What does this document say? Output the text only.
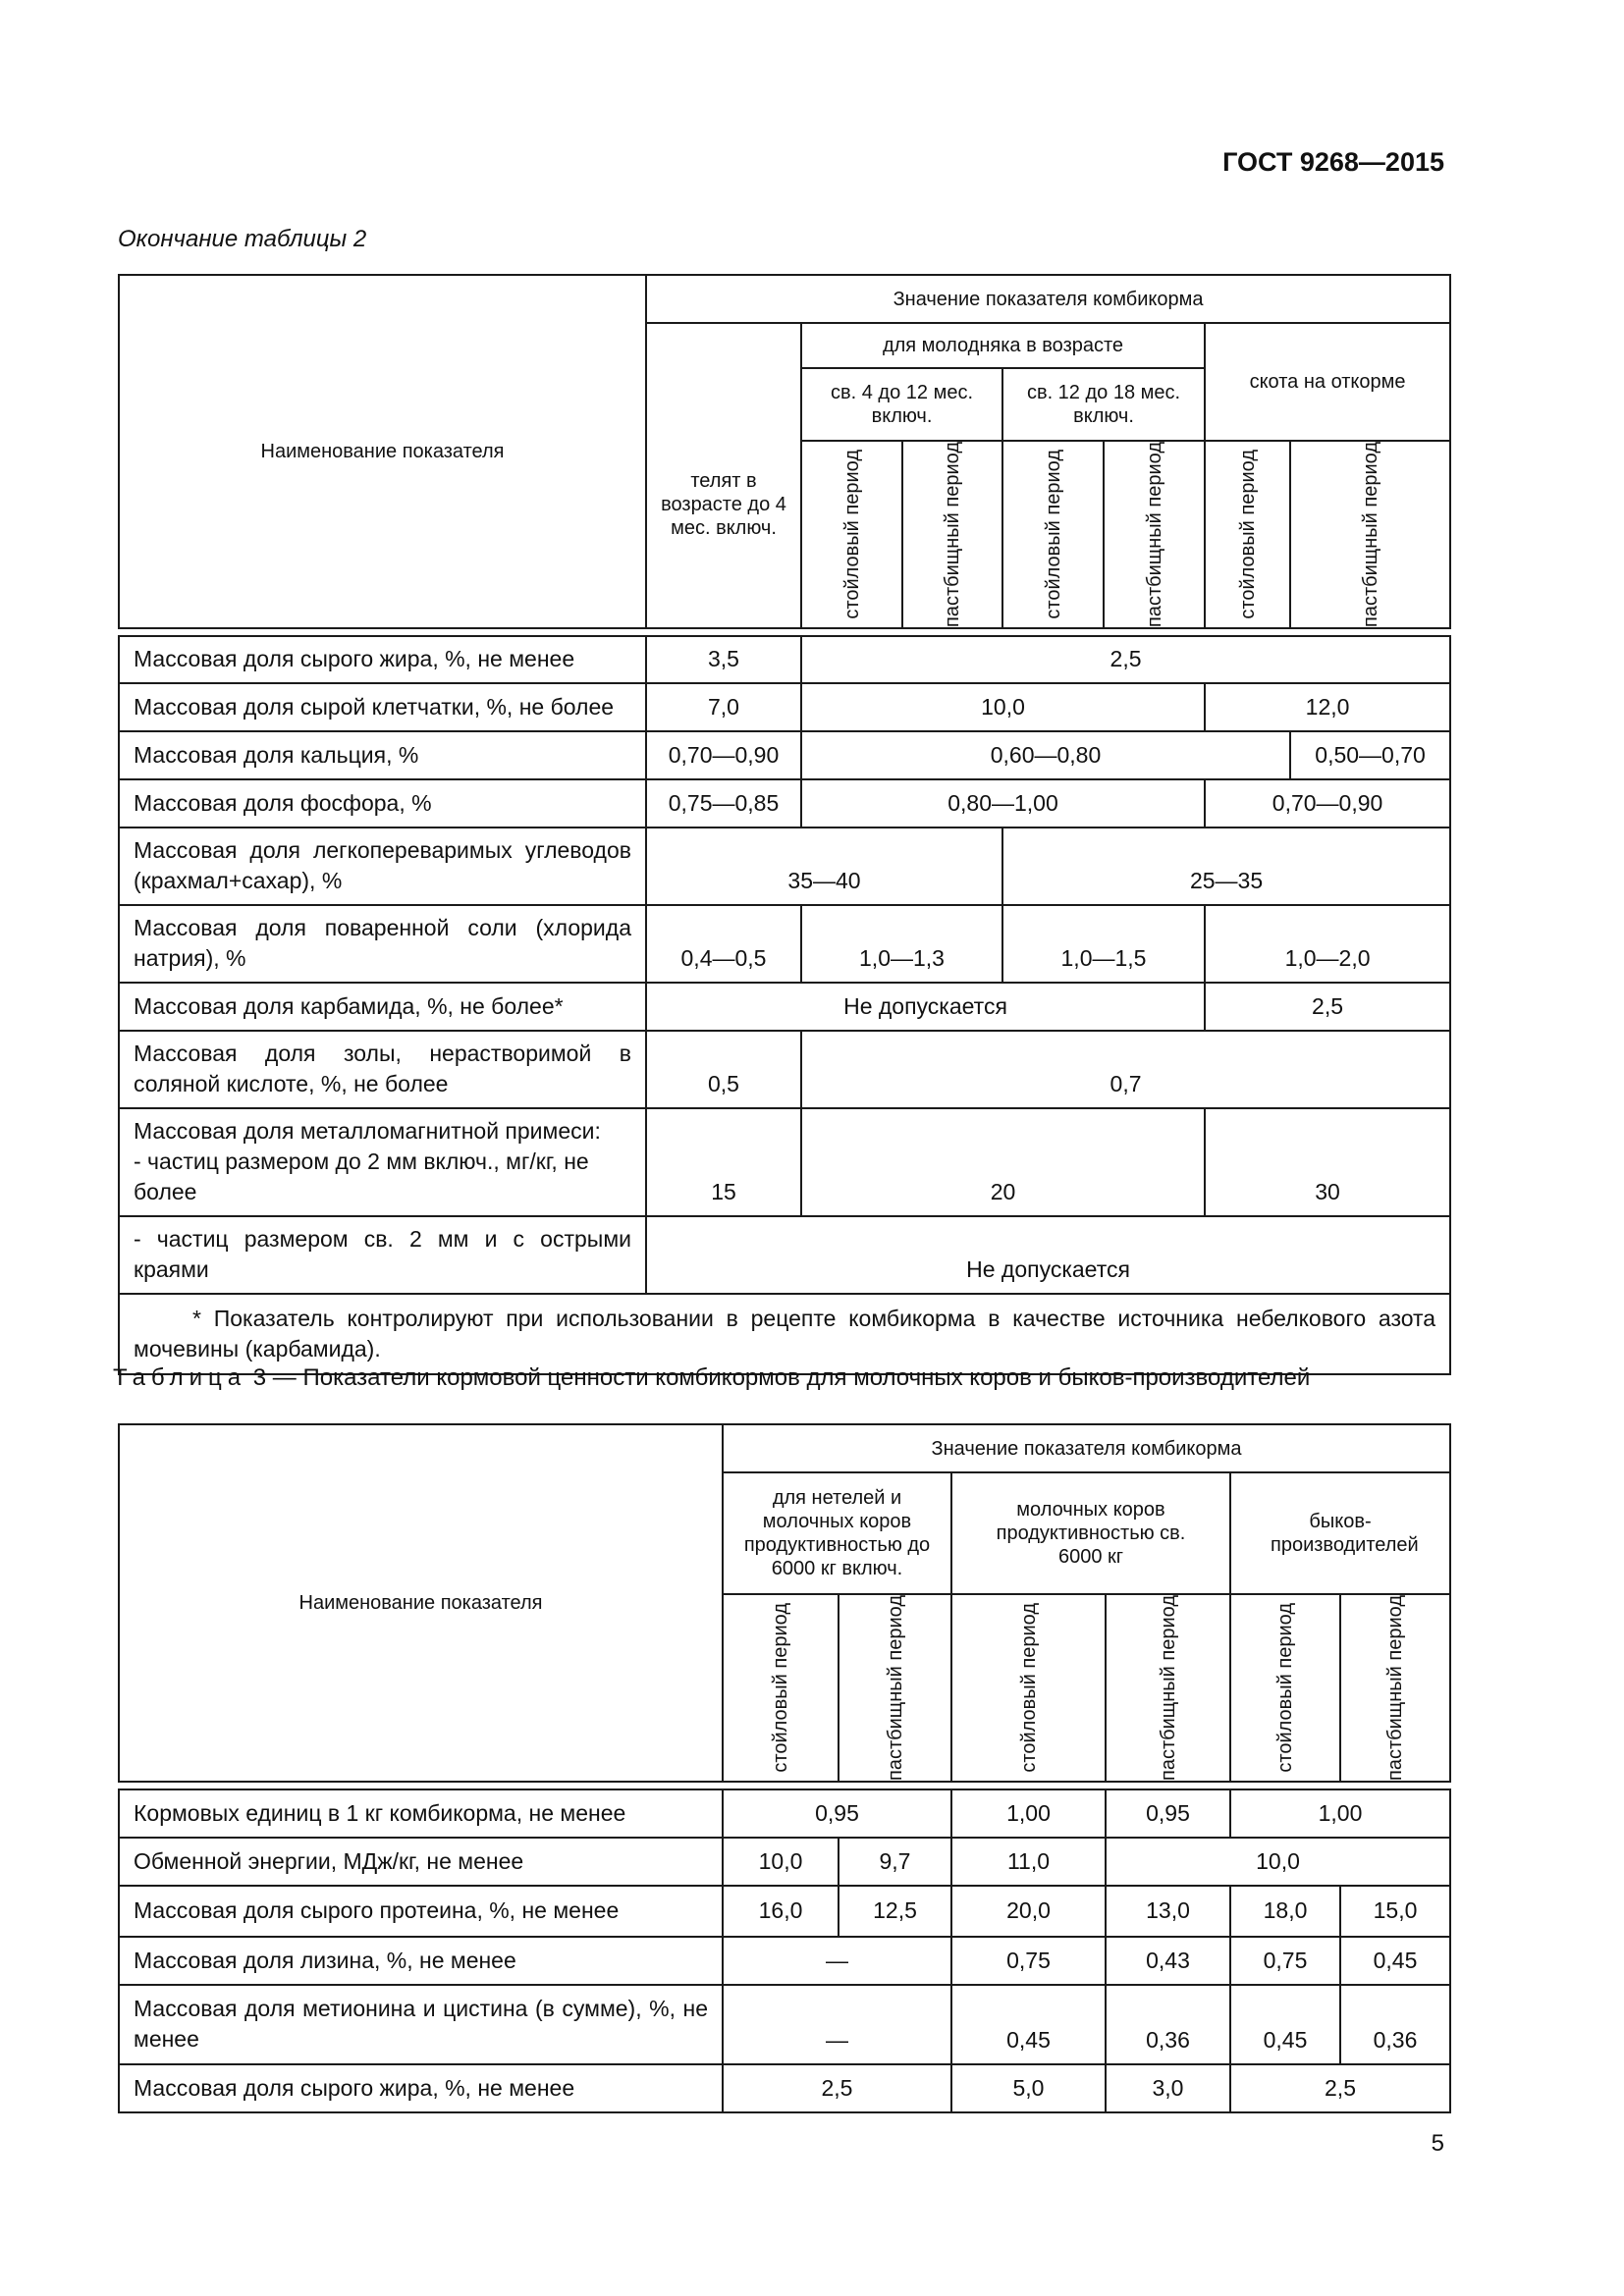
ГОСТ 9268—2015
Окончание таблицы 2
Наименование показателя	Значение показателя комбикорма						

	телят в возрасте до 4 мес. включ.	для молодняка в возрасте				скота на откорме	
		св. 4 до 12 мес. включ.		св. 12 до 18 мес. включ.			

		стойловый период	пастбищный период	стойловый период	пастбищный период	стойловый период	пастбищный период

Массовая доля сырого жира, %, не менее	3,5	2,5					
Массовая доля сырой клетчатки, %, не более	7,0	10,0				12,0	
Массовая доля кальция, %	0,70—0,90	0,60—0,80					0,50—0,70
Массовая доля фосфора, %	0,75—0,85	0,80—1,00				0,70—0,90	
Массовая доля легкопереваримых углеводов (крахмал+сахар), %	35—40			25—35			
Массовая доля поваренной соли (хлорида натрия), %	0,4—0,5	1,0—1,3		1,0—1,5		1,0—2,0	
Массовая доля карбамида, %, не более*	Не допускается					2,5	
Массовая доля золы, нерастворимой в соляной кислоте, %, не более	0,5	0,7					
Массовая доля металломагнитной примеси:
- частиц размером до 2 мм включ., мг/кг, не более	15	20				30	
- частиц размером св. 2 мм и с острыми краями	Не допускается						
* Показатель контролируют при использовании в рецепте комбикорма в качестве источника небелкового азота мочевины (карбамида).							
Таблица 3 — Показатели кормовой ценности комбикормов для молочных коров и быков-производителей
Наименование показателя	Значение показателя комбикорма					
	для нетелей и молочных коров продуктивностью до 6000 кг включ.		молочных коров продуктивностью св. 6000 кг		быков-производителей	

	стойловый период	пастбищный период	стойловый период	пастбищный период	стойловый период	пастбищный период

Кормовых единиц в 1 кг комбикорма, не менее	0,95		1,00	0,95	1,00	
Обменной энергии, МДж/кг, не менее	10,0	9,7	11,0	10,0		
Массовая доля сырого протеина, %, не менее	16,0	12,5	20,0	13,0	18,0	15,0
Массовая доля лизина, %, не менее	—		0,75	0,43	0,75	0,45
Массовая доля метионина и цистина (в сумме), %, не менее	—		0,45	0,36	0,45	0,36
Массовая доля сырого жира, %, не менее	2,5		5,0	3,0	2,5	
5
